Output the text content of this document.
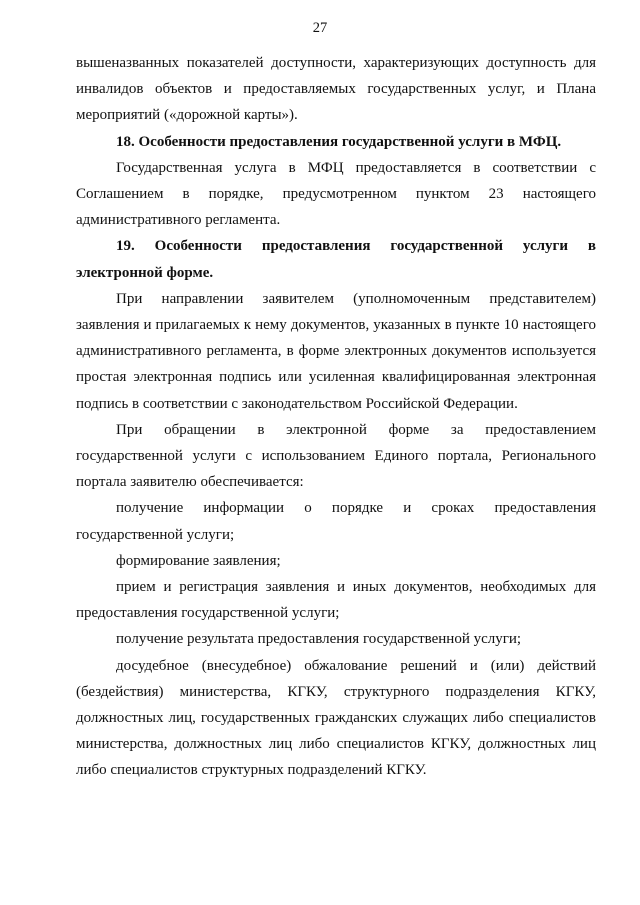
27

вышеназванных показателей доступности, характеризующих доступность для инвалидов объектов и предоставляемых государственных услуг, и Плана мероприятий («дорожной карты»).

18. Особенности предоставления государственной услуги в МФЦ.

Государственная услуга в МФЦ предоставляется в соответствии с Соглашением в порядке, предусмотренном пунктом 23 настоящего административного регламента.

19. Особенности предоставления государственной услуги в электронной форме.

При направлении заявителем (уполномоченным представителем) заявления и прилагаемых к нему документов, указанных в пункте 10 настоящего административного регламента, в форме электронных документов используется простая электронная подпись или усиленная квалифицированная электронная подпись в соответствии с законодательством Российской Федерации.

При обращении в электронной форме за предоставлением государственной услуги с использованием Единого портала, Регионального портала заявителю обеспечивается:

получение информации о порядке и сроках предоставления государственной услуги;

формирование заявления;

прием и регистрация заявления и иных документов, необходимых для предоставления государственной услуги;

получение результата предоставления государственной услуги;

досудебное (внесудебное) обжалование решений и (или) действий (бездействия) министерства, КГКУ, структурного подразделения КГКУ, должностных лиц, государственных гражданских служащих либо специалистов министерства, должностных лиц либо специалистов КГКУ, должностных лиц либо специалистов структурных подразделений КГКУ.
